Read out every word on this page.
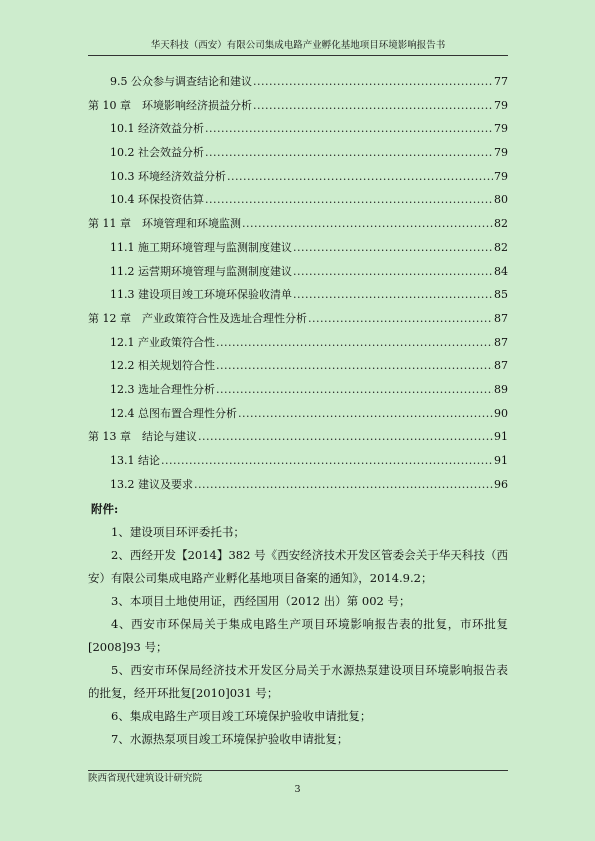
华天科技（西安）有限公司集成电路产业孵化基地项目环境影响报告书
9.5 公众参与调查结论和建议 .....	77
第 10 章　环境影响经济损益分析 .....	79
10.1 经济效益分析 .....	79
10.2 社会效益分析 .....	79
10.3 环境经济效益分析 .....	79
10.4 环保投资估算 .....	80
第 11 章　环境管理和环境监测 .....	82
11.1 施工期环境管理与监测制度建议 .....	82
11.2 运营期环境管理与监测制度建议 .....	84
11.3 建设项目竣工环境环保验收清单 .....	85
第 12 章　产业政策符合性及选址合理性分析 .....	87
12.1 产业政策符合性 .....	87
12.2 相关规划符合性 .....	87
12.3 选址合理性分析 .....	89
12.4 总图布置合理性分析 .....	90
第 13 章　结论与建议 .....	91
13.1 结论 .....	91
13.2 建议及要求 .....	96
附件:

1、建设项目环评委托书；

2、西经开发【2014】382 号《西安经济技术开发区管委会关于华天科技（西安）有限公司集成电路产业孵化基地项目备案的通知》，2014.9.2；

3、本项目土地使用证，西经国用（2012 出）第 002 号；

4、西安市环保局关于集成电路生产项目环境影响报告表的批复，市环批复[2008]93 号；

5、西安市环保局经济技术开发区分局关于水源热泵建设项目环境影响报告表的批复，经开环批复[2010]031 号；

6、集成电路生产项目竣工环境保护验收申请批复；

7、水源热泵项目竣工环境保护验收申请批复；

陕西省现代建筑设计研究院
3
